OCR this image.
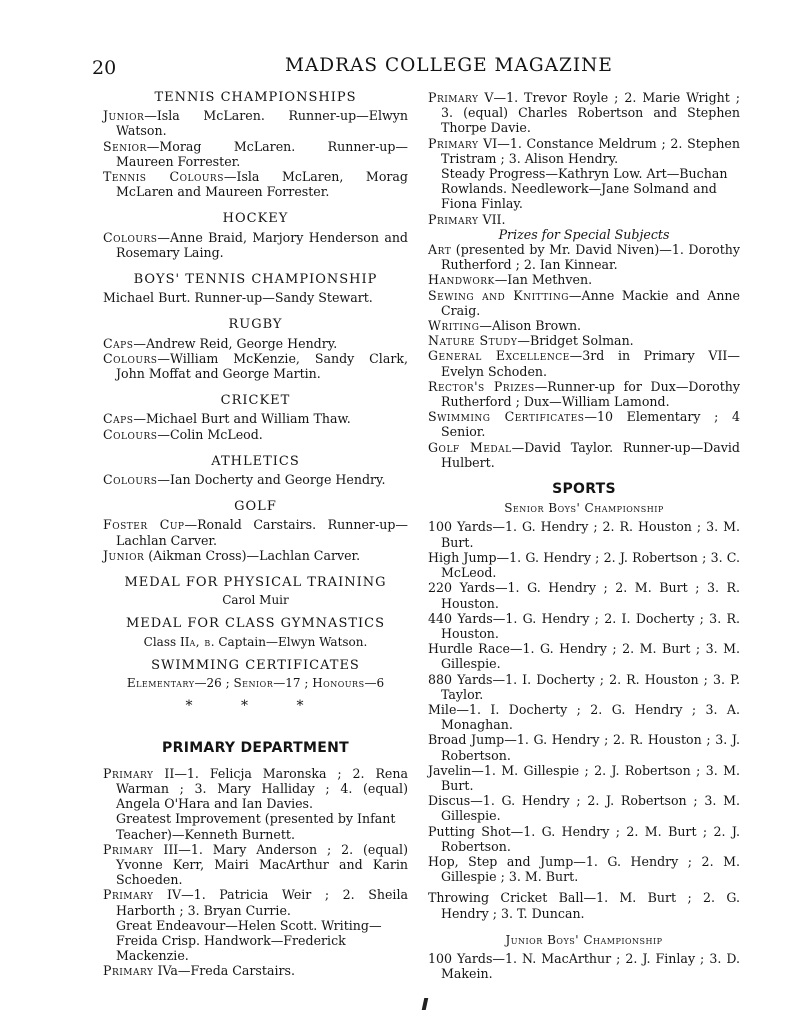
20	MADRAS COLLEGE MAGAZINE
TENNIS CHAMPIONSHIPS

Junior—Isla McLaren. Runner-up—Elwyn Watson.

Senior—Morag McLaren. Runner-up—Maureen Forrester.

Tennis Colours—Isla McLaren, Morag McLaren and Maureen Forrester.

HOCKEY

Colours—Anne Braid, Marjory Henderson and Rosemary Laing.

BOYS' TENNIS CHAMPIONSHIP

Michael Burt. Runner-up—Sandy Stewart.

RUGBY

Caps—Andrew Reid, George Hendry.

Colours—William McKenzie, Sandy Clark, John Moffat and George Martin.

CRICKET

Caps—Michael Burt and William Thaw.

Colours—Colin McLeod.

ATHLETICS

Colours—Ian Docherty and George Hendry.

GOLF

Foster Cup—Ronald Carstairs. Runner-up—Lachlan Carver.

Junior (Aikman Cross)—Lachlan Carver.

MEDAL FOR PHYSICAL TRAINING
Carol Muir
MEDAL FOR CLASS GYMNASTICS
Class IIa, b. Captain—Elwyn Watson.
SWIMMING CERTIFICATES
Elementary—26 ; Senior—17 ; Honours—6
* * *
PRIMARY DEPARTMENT

Primary II—1. Felicja Maronska ; 2. Rena Warman ; 3. Mary Halliday ; 4. (equal) Angela O'Hara and Ian Davies.

Greatest Improvement (presented by Infant Teacher)—Kenneth Burnett.

Primary III—1. Mary Anderson ; 2. (equal) Yvonne Kerr, Mairi MacArthur and Karin Schoeden.

Primary IV—1. Patricia Weir ; 2. Sheila Harborth ; 3. Bryan Currie.

Great Endeavour—Helen Scott. Writing—Freida Crisp. Handwork—Frederick Mackenzie.

Primary IVa—Freda Carstairs.

Primary V—1. Trevor Royle ; 2. Marie Wright ; 3. (equal) Charles Robertson and Stephen Thorpe Davie.

Primary VI—1. Constance Meldrum ; 2. Stephen Tristram ; 3. Alison Hendry.

Steady Progress—Kathryn Low. Art—Buchan Rowlands. Needlework—Jane Solmand and Fiona Finlay.

Primary VII.

Prizes for Special Subjects

Art (presented by Mr. David Niven)—1. Dorothy Rutherford ; 2. Ian Kinnear.

Handwork—Ian Methven.

Sewing and Knitting—Anne Mackie and Anne Craig.

Writing—Alison Brown.

Nature Study—Bridget Solman.

General Excellence—3rd in Primary VII—Evelyn Schoden.

Rector's Prizes—Runner-up for Dux—Dorothy Rutherford ; Dux—William Lamond.

Swimming Certificates—10 Elementary ; 4 Senior.

Golf Medal—David Taylor. Runner-up—David Hulbert.

SPORTS
Senior Boys' Championship

100 Yards—1. G. Hendry ; 2. R. Houston ; 3. M. Burt.

High Jump—1. G. Hendry ; 2. J. Robertson ; 3. C. McLeod.

220 Yards—1. G. Hendry ; 2. M. Burt ; 3. R. Houston.

440 Yards—1. G. Hendry ; 2. I. Docherty ; 3. R. Houston.

Hurdle Race—1. G. Hendry ; 2. M. Burt ; 3. M. Gillespie.

880 Yards—1. I. Docherty ; 2. R. Houston ; 3. P. Taylor.

Mile—1. I. Docherty ; 2. G. Hendry ; 3. A. Monaghan.

Broad Jump—1. G. Hendry ; 2. R. Houston ; 3. J. Robertson.

Javelin—1. M. Gillespie ; 2. J. Robertson ; 3. M. Burt.

Discus—1. G. Hendry ; 2. J. Robertson ; 3. M. Gillespie.

Putting Shot—1. G. Hendry ; 2. M. Burt ; 2. J. Robertson.

Hop, Step and Jump—1. G. Hendry ; 2. M. Gillespie ; 3. M. Burt.

Throwing Cricket Ball—1. M. Burt ; 2. G. Hendry ; 3. T. Duncan.

Junior Boys' Championship

100 Yards—1. N. MacArthur ; 2. J. Finlay ; 3. D. Makein.
